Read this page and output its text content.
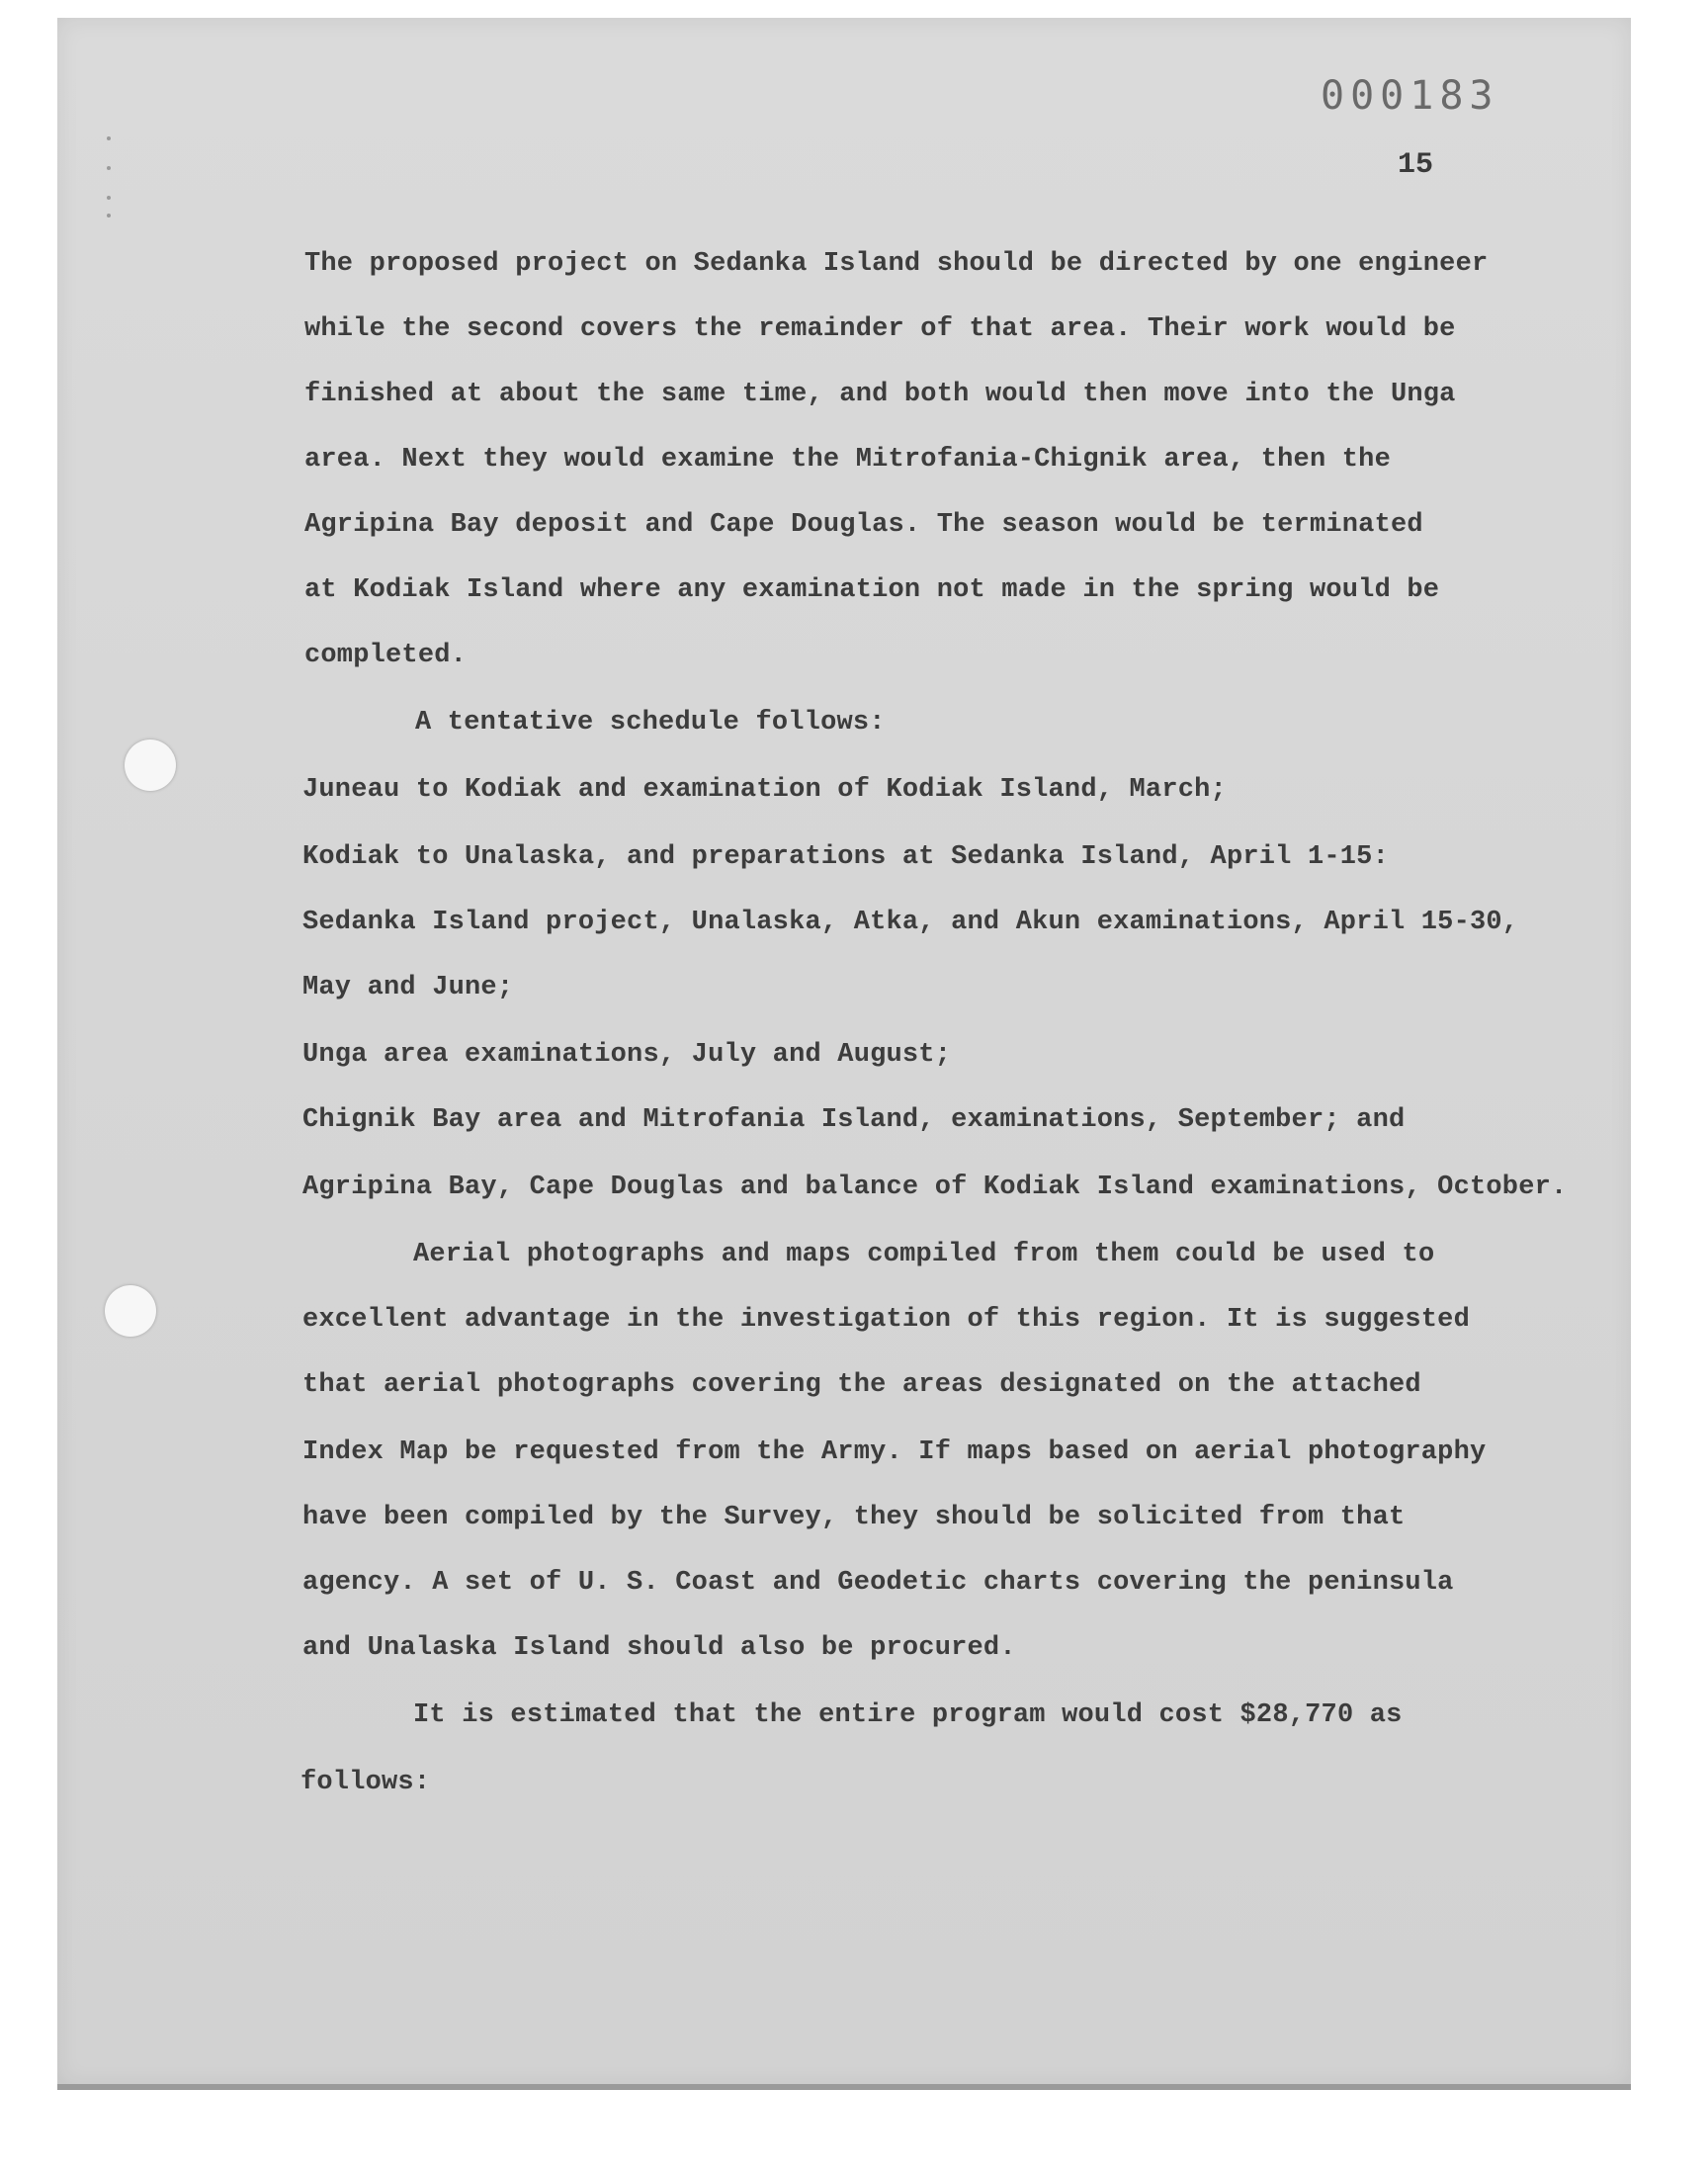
000183
15
The proposed project on Sedanka Island should be directed by one engineer
while the second covers the remainder of that area. Their work would be
finished at about the same time, and both would then move into the Unga
area. Next they would examine the Mitrofania-Chignik area, then the
Agripina Bay deposit and Cape Douglas. The season would be terminated
at Kodiak Island where any examination not made in the spring would be
completed.
A tentative schedule follows:
Juneau to Kodiak and examination of Kodiak Island, March;
Kodiak to Unalaska, and preparations at Sedanka Island, April 1-15:
Sedanka Island project, Unalaska, Atka, and Akun examinations, April 15-30,
May and June;
Unga area examinations, July and August;
Chignik Bay area and Mitrofania Island, examinations, September; and
Agripina Bay, Cape Douglas and balance of Kodiak Island examinations, October.
Aerial photographs and maps compiled from them could be used to
excellent advantage in the investigation of this region. It is suggested
that aerial photographs covering the areas designated on the attached
Index Map be requested from the Army. If maps based on aerial photography
have been compiled by the Survey, they should be solicited from that
agency. A set of U. S. Coast and Geodetic charts covering the peninsula
and Unalaska Island should also be procured.
It is estimated that the entire program would cost $28,770 as
follows:
